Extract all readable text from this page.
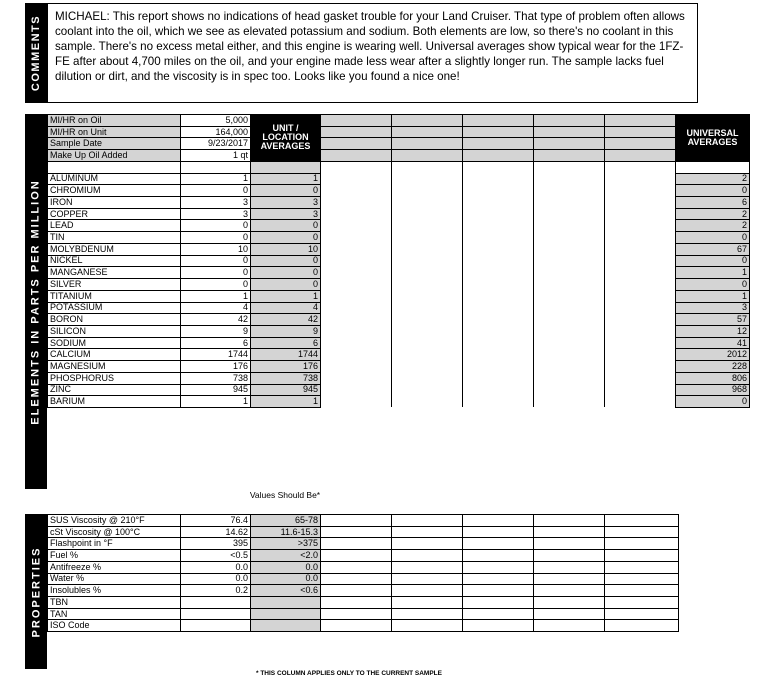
COMMENTS	MICHAEL: This report shows no indications of head gasket trouble for your Land Cruiser. That type of problem often allows coolant into the oil, which we see as elevated potassium and sodium. Both elements are low, so there's no coolant in this sample. There's no excess metal either, and this engine is wearing well. Universal averages show typical wear for the 1FZ-FE after about 4,700 miles on the oil, and your engine made less wear after a slightly longer run. The sample lacks fuel dilution or dirt, and the viscosity is in spec too. Looks like you found a nice one!
ELEMENTS IN PARTS PER MILLION
MI/HR on Oil	5,000	UNIT / LOCATION AVERAGES						UNIVERSAL AVERAGES
MI/HR on Unit	164,000							
Sample Date	9/23/2017							
Make Up Oil Added	1 qt							

ALUMINUM	1	1						2
CHROMIUM	0	0						0
IRON	3	3						6
COPPER	3	3						2
LEAD	0	0						2
TIN	0	0						0
MOLYBDENUM	10	10						67
NICKEL	0	0						0
MANGANESE	0	0						1
SILVER	0	0						0
TITANIUM	1	1						1
POTASSIUM	4	4						3
BORON	42	42						57
SILICON	9	9						12
SODIUM	6	6						41
CALCIUM	1744	1744						2012
MAGNESIUM	176	176						228
PHOSPHORUS	738	738						806
ZINC	945	945						968
BARIUM	1	1						0
Values Should Be*
PROPERTIES
SUS Viscosity @ 210°F	76.4	65-78					
cSt Viscosity @ 100°C	14.62	11.6-15.3					
Flashpoint in °F	395	>375					
Fuel %	<0.5	<2.0					
Antifreeze %	0.0	0.0					
Water %	0.0	0.0					
Insolubles %	0.2	<0.6					
TBN							
TAN							
ISO Code							
* THIS COLUMN APPLIES ONLY TO THE CURRENT SAMPLE
